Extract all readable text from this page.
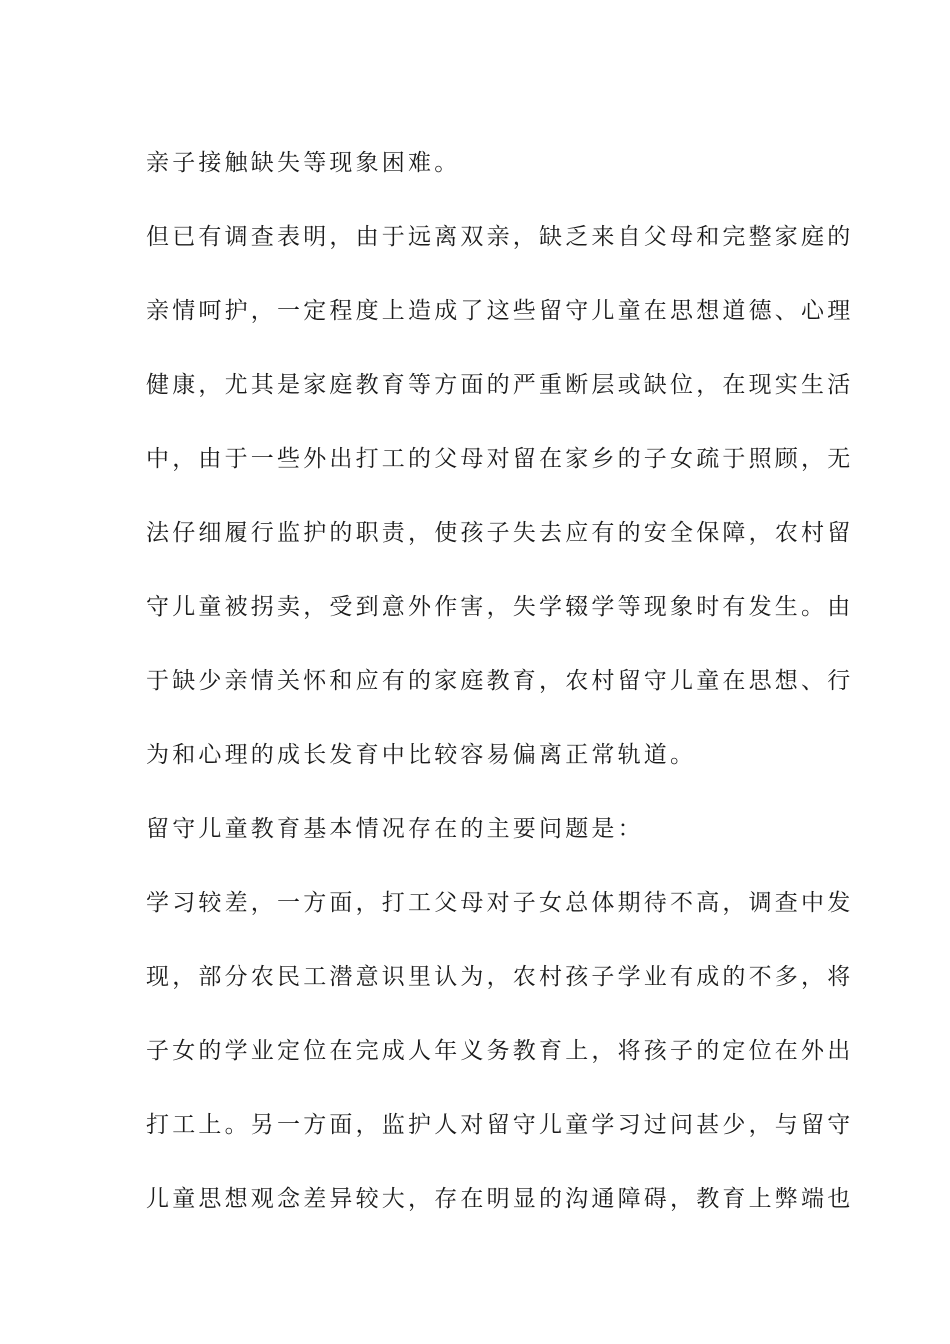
亲子接触缺失等现象困难。
但已有调查表明，由于远离双亲，缺乏来自父母和完整家庭的
亲情呵护，一定程度上造成了这些留守儿童在思想道德、心理
健康，尤其是家庭教育等方面的严重断层或缺位，在现实生活
中，由于一些外出打工的父母对留在家乡的子女疏于照顾，无
法仔细履行监护的职责，使孩子失去应有的安全保障，农村留
守儿童被拐卖，受到意外作害，失学辍学等现象时有发生。由
于缺少亲情关怀和应有的家庭教育，农村留守儿童在思想、行
为和心理的成长发育中比较容易偏离正常轨道。
留守儿童教育基本情况存在的主要问题是：
学习较差，一方面，打工父母对子女总体期待不高，调查中发
现，部分农民工潜意识里认为，农村孩子学业有成的不多，将
子女的学业定位在完成人年义务教育上，将孩子的定位在外出
打工上。另一方面，监护人对留守儿童学习过问甚少，与留守
儿童思想观念差异较大，存在明显的沟通障碍，教育上弊端也
